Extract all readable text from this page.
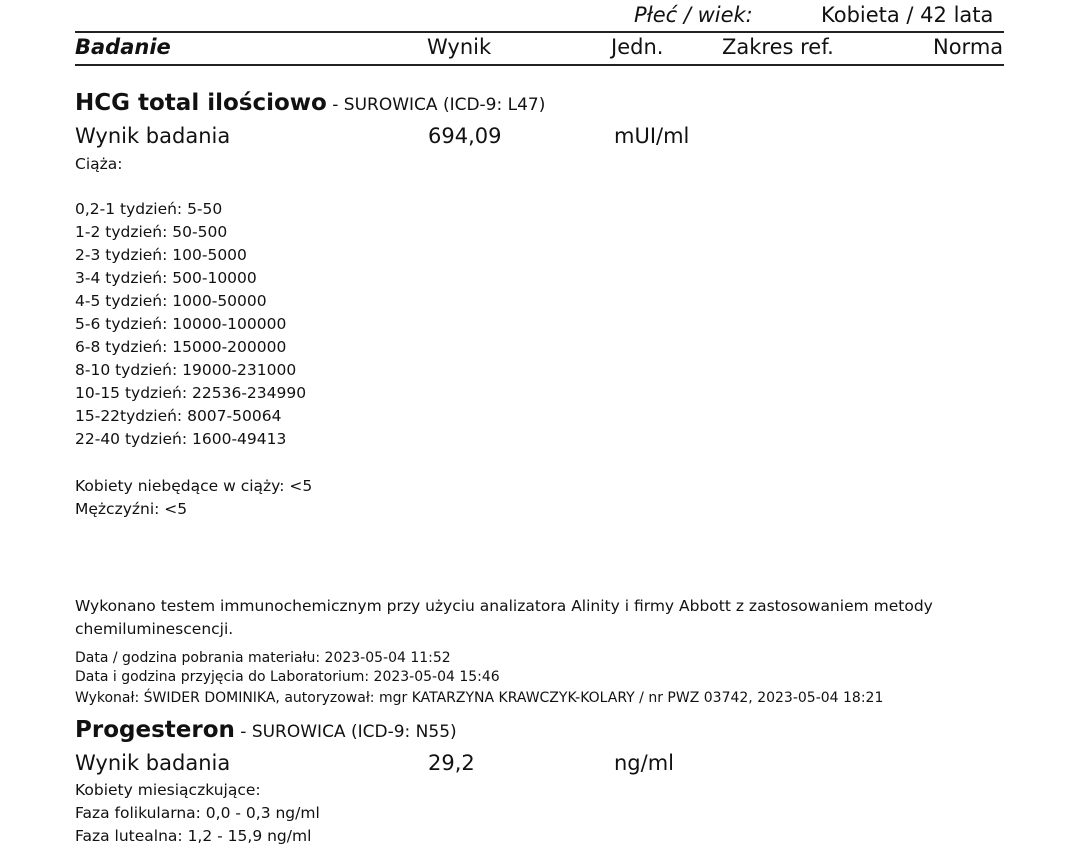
Płeć / wiek:	Kobieta / 42 lata
Badanie	Wynik	Jedn.	Zakres ref.	Norma
HCG total ilościowo - SUROWICA (ICD-9: L47)
Wynik badania	694,09	mUI/ml
Ciąża:
0,2-1 tydzień: 5-50
1-2 tydzień: 50-500
2-3 tydzień: 100-5000
3-4 tydzień: 500-10000
4-5 tydzień: 1000-50000
5-6 tydzień: 10000-100000
6-8 tydzień: 15000-200000
8-10 tydzień: 19000-231000
10-15 tydzień: 22536-234990
15-22tydzień: 8007-50064
22-40 tydzień: 1600-49413
Kobiety niebędące w ciąży: <5
Mężczyźni: <5
Wykonano testem immunochemicznym przy użyciu analizatora Alinity i firmy Abbott z zastosowaniem metody chemiluminescencji.
Data / godzina pobrania materiału: 2023-05-04 11:52
Data i godzina przyjęcia do Laboratorium: 2023-05-04 15:46
Wykonał: ŚWIDER DOMINIKA, autoryzował: mgr KATARZYNA KRAWCZYK-KOLARY / nr PWZ 03742, 2023-05-04 18:21
Progesteron - SUROWICA (ICD-9: N55)
Wynik badania	29,2	ng/ml
Kobiety miesiączkujące:
Faza folikularna: 0,0 - 0,3 ng/ml
Faza lutealna: 1,2 - 15,9 ng/ml
